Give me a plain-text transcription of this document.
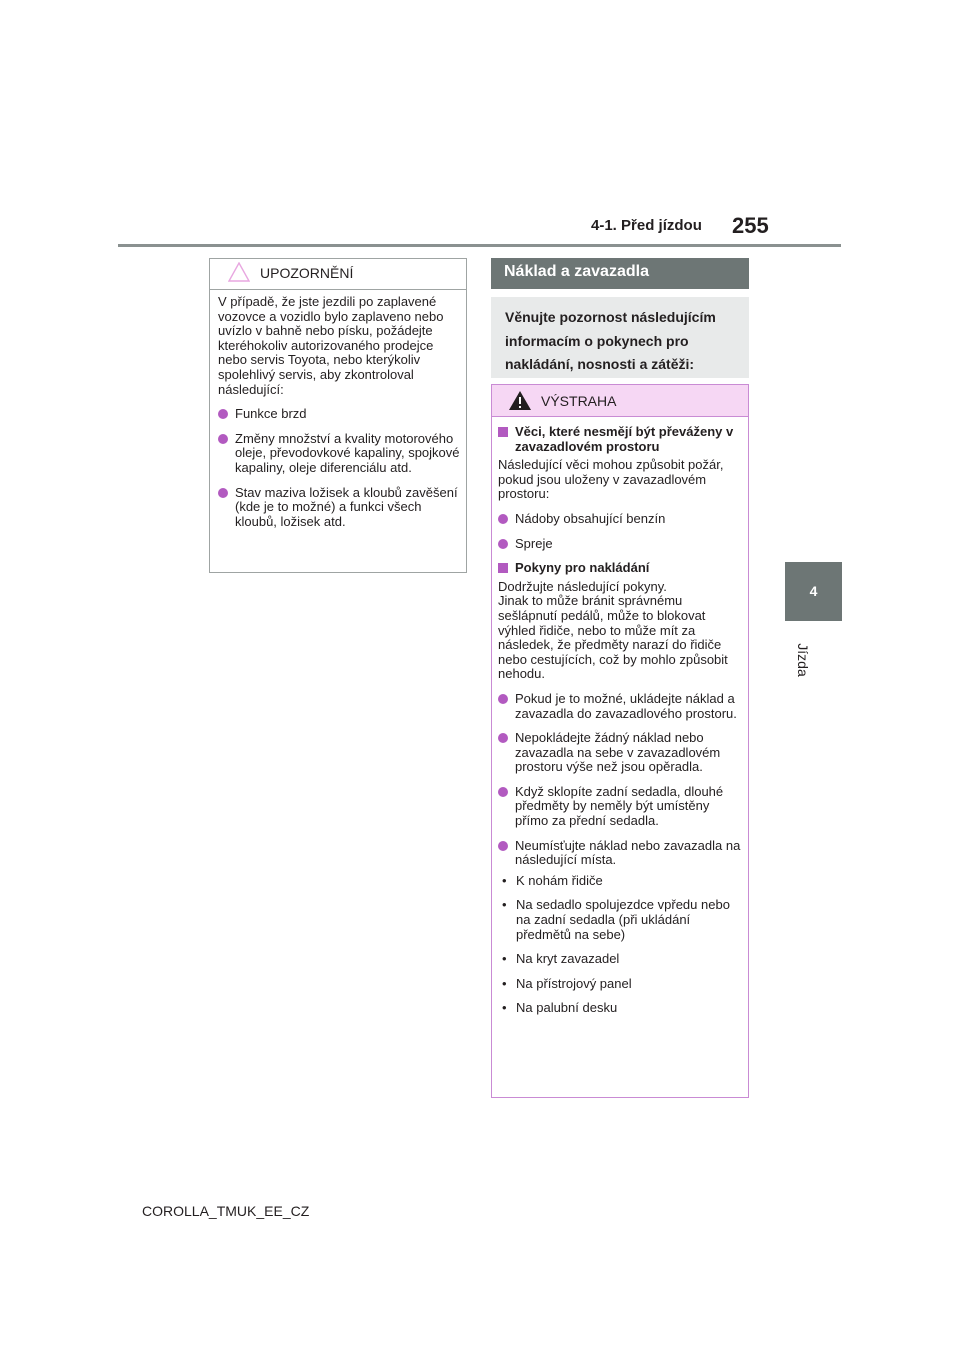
4-1. Před jízdou 255
4
Jízda
UPOZORNĚNÍ

V případě, že jste jezdili po zaplavené vozovce a vozidlo bylo zaplaveno nebo uvízlo v bahně nebo písku, požádejte kteréhokoliv autorizovaného prodejce nebo servis Toyota, nebo kterýkoliv spolehlivý servis, aby zkontroloval následující:

Funkce brzd
Změny množství a kvality motorového oleje, převodovkové kapaliny, spojkové kapaliny, oleje diferenciálu atd.
Stav maziva ložisek a kloubů zavěšení (kde je to možné) a funkci všech kloubů, ložisek atd.
Náklad a zavazadla
Věnujte pozornost následujícím informacím o pokynech pro nakládání, nosnosti a zátěži:
VÝSTRAHA
Věci, které nesmějí být převáženy v zavazadlovém prostoru

Následující věci mohou způsobit požár, pokud jsou uloženy v zavazadlovém prostoru:

Nádoby obsahující benzín
Spreje
Pokyny pro nakládání

Dodržujte následující pokyny.

Jinak to může bránit správnému sešlápnutí pedálů, může to blokovat výhled řidiče, nebo to může mít za následek, že předměty narazí do řidiče nebo cestujících, což by mohlo způsobit nehodu.

Pokud je to možné, ukládejte náklad a zavazadla do zavazadlového prostoru.
Nepokládejte žádný náklad nebo zavazadla na sebe v zavazadlovém prostoru výše než jsou opěradla.
Když sklopíte zadní sedadla, dlouhé předměty by neměly být umístěny přímo za přední sedadla.
Neumísťujte náklad nebo zavazadla na následující místa.
• K nohám řidiče
• Na sedadlo spolujezdce vpředu nebo na zadní sedadla (při ukládání předmětů na sebe)
• Na kryt zavazadel
• Na přístrojový panel
• Na palubní desku
COROLLA_TMUK_EE_CZ
